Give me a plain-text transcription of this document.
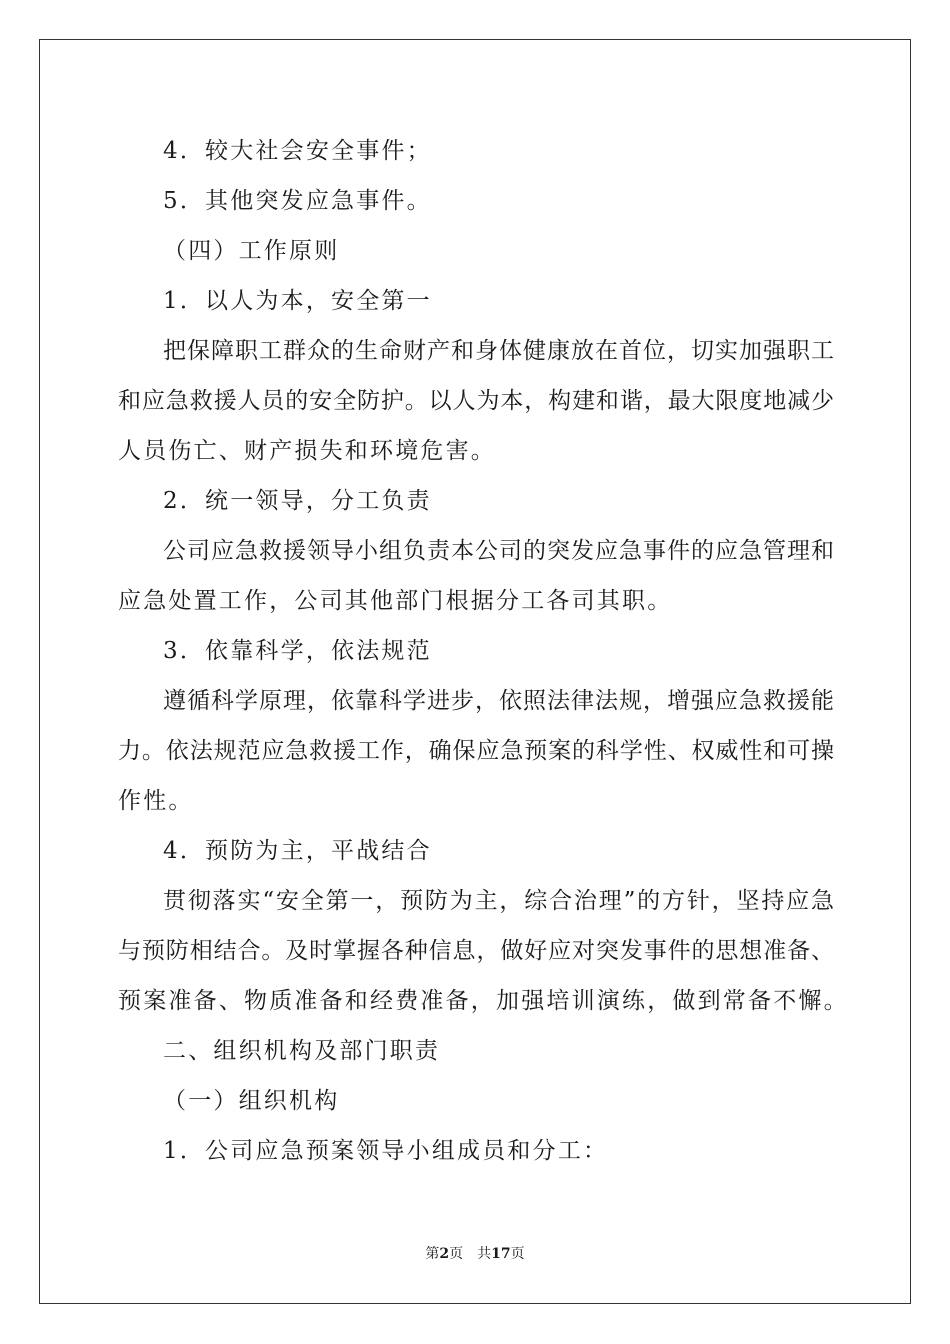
4．较大社会安全事件；
5．其他突发应急事件。
（四）工作原则
1．以人为本，安全第一
把保障职工群众的生命财产和身体健康放在首位，切实加强职工
和应急救援人员的安全防护。以人为本，构建和谐，最大限度地减少
人员伤亡、财产损失和环境危害。
2．统一领导，分工负责
公司应急救援领导小组负责本公司的突发应急事件的应急管理和
应急处置工作，公司其他部门根据分工各司其职。
3．依靠科学，依法规范
遵循科学原理，依靠科学进步，依照法律法规，增强应急救援能
力。依法规范应急救援工作，确保应急预案的科学性、权威性和可操
作性。
4．预防为主，平战结合
贯彻落实“安全第一，预防为主，综合治理”的方针，坚持应急
与预防相结合。及时掌握各种信息，做好应对突发事件的思想准备、
预案准备、物质准备和经费准备，加强培训演练，做到常备不懈。
二、组织机构及部门职责
（一）组织机构
1．公司应急预案领导小组成员和分工：
第2页 共17页
